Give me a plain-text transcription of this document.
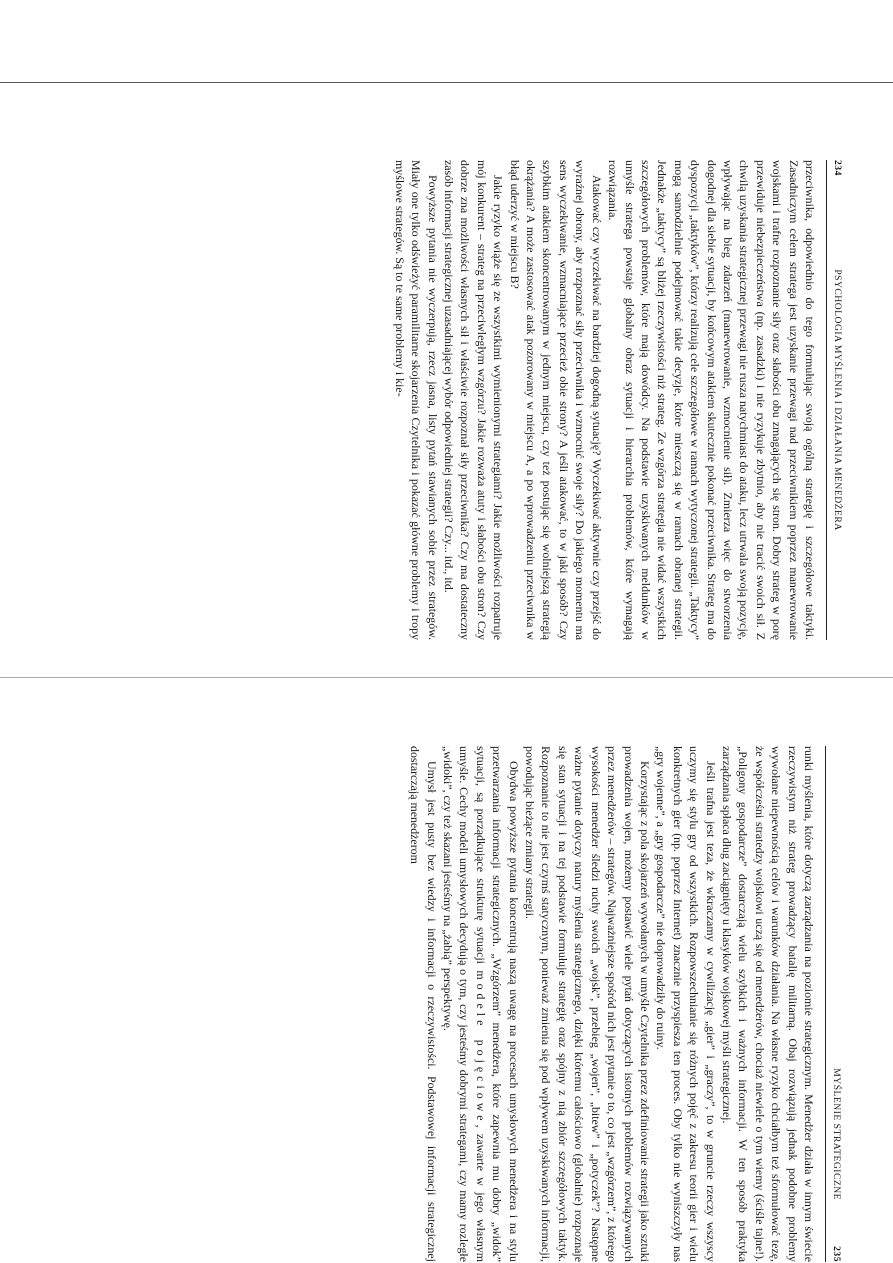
234
PSYCHOLOGIA MYŚLENIA I DZIAŁANIA MENEDŻERA

przeciwnika, odpowiednio do tego formułując swoją ogólną strategię i szczegółowe taktyki. Zasadniczym celem stratega jest uzyskanie przewagi nad przeciwnikiem poprzez manewrowanie wojskami i trafne rozpoznanie siły oraz słabości obu zmagających się stron. Dobry strateg w porę przewiduje niebezpieczeństwa (np. zasadzki) i nie ryzykuje zbytnio, aby nie tracić swoich sił. Z chwilą uzyskania strategicznej przewagi nie rusza natychmiast do ataku, lecz utrwala swoją pozycję, wpływając na bieg zdarzeń (manewrowanie, wzmocnienie sił). Zmierza więc do stworzenia dogodnej dla siebie sytuacji, by końcowym atakiem skutecznie pokonać przeciwnika. Strateg ma do dyspozycji „taktyków”, którzy realizują cele szczegółowe w ramach wytyczonej strategii. „Taktycy” mogą samodzielnie podejmować takie decyzje, które mieszczą się w ramach obranej strategii. Jednakże „taktycy” są bliżej rzeczywistości niż strateg. Ze wzgórza strategia nie widać wszystkich szczegółowych problemów, które mają dowódcy. Na podstawie uzyskiwanych meldunków w umyśle stratega powstaje globalny obraz sytuacji i hierarchia problemów, które wymagają rozwiązania.

Atakować czy wyczekiwać na bardziej dogodną sytuację? Wyczekiwać aktywnie czy przejść do wyraźnej obrony, aby rozpoznać siły przeciwnika i wzmocnić swoje siły? Do jakiego momentu ma sens wyczekiwanie, wzmacniające przecież obie strony? A jeśli atakować, to w jaki sposób? Czy szybkim atakiem skoncentrowanym w jednym miejscu, czy też postując się wolniejszą strategią okrążania? A może zastosować atak pozorowany w miejscu A, a po wprowadzeniu przeciwnika w błąd uderzyć w miejscu B?

Jakie ryzyko wiąże się ze wszystkimi wymienionymi strategiami? Jakie możliwości rozpatruje mój konkurent – strateg na przeciwległym wzgórzu? Jakie rozważa atuty i słabości obu stron? Czy dobrze zna możliwości własnych sił i właściwie rozpoznał siły przeciwnika? Czy ma dostateczny zasób informacji strategicznej uzasadniającej wybór odpowiedniej strategii? Czy... itd., itd.

Powyższe pytania nie wyczerpują, rzecz jasna, listy pytań stawianych sobie przez strategów. Miały one tylko odświeżyć paramilitarne skojarzenia Czytelnika i pokazać główne problemy i tropy myślowe strategów. Są to te same problemy i kie-

MYŚLENIE STRATEGICZNE
235

runki myślenia, które dotyczą zarządzania na poziomie strategicznym. Menedżer działa w innym świecie rzeczywistym niż strateg prowadzący batalię militarną. Obaj rozwiązują jednak podobne problemy wywołane niepewnością celów i warunków działania. Na własne ryzyko chciałbym też sformułować tezę, że współcześni stratedzy wojskowi uczą się od menedżerów, chociaż niewiele o tym wiemy (ściśle tajne!). „Poligony gospodarcze” dostarczają wielu szybkich i ważnych informacji. W ten sposób praktyka zarządzania spłaca dług zaciągnięty u klasyków wojskowej myśli strategicznej.

Jeśli trafna jest teza, że wkraczamy w cywilizację „gier” i „graczy”, to w gruncie rzeczy wszyscy uczymy się stylu gry od wszystkich. Rozpowszechnianie się różnych pojęć z zakresu teorii gier i wielu konkretnych gier (np. poprzez Internet) znacznie przyspiesza ten proces. Oby tylko nie wyniszczyły nas „gry wojenne”, a „gry gospodarcze” nie doprowadziły do ruiny.

Korzystając z pola skojarzeń wywołanych w umyśle Czytelnika przez zdefiniowanie strategii jako sztuki prowadzenia wojen, możemy postawić wiele pytań dotyczących istotnych problemów rozwiązywanych przez menedżerów – strategów. Najważniejsze spośród nich jest pytanie o to, co jest „wzgórzem”, z którego wysokości menedżer śledzi ruchy swoich „wojsk”, przebieg „wojen”, „bitew” i „potyczek”? Następne ważne pytanie dotyczy natury myślenia strategicznego, dzięki któremu całościowo (globalnie) rozpoznaje się stan sytuacji i na tej podstawie formułuje strategię oraz spójny z nią zbiór szczegółowych taktyk. Rozpoznanie to nie jest czymś statycznym, ponieważ zmienia się pod wpływem uzyskiwanych informacji, powodując bieżące zmiany strategii.

Obydwa powyższe pytania koncentrują naszą uwagę na procesach umysłowych menedżera i na stylu przetwarzania informacji strategicznych. „Wzgórzem” menedżera, które zapewnia mu dobry „widok” sytuacji, są porządkujące strukturę sytuacji modele pojęciowe, zawarte w jego własnym umyśle. Cechy modeli umysłowych decydują o tym, czy jesteśmy dobrymi strategami, czy mamy rozległe „widoki”, czy też skazani jesteśmy na „żabią” perspektywę.

Umysł jest pusty bez wiedzy i informacji o rzeczywistości. Podstawowej informacji strategicznej dostarczają menedżerom
